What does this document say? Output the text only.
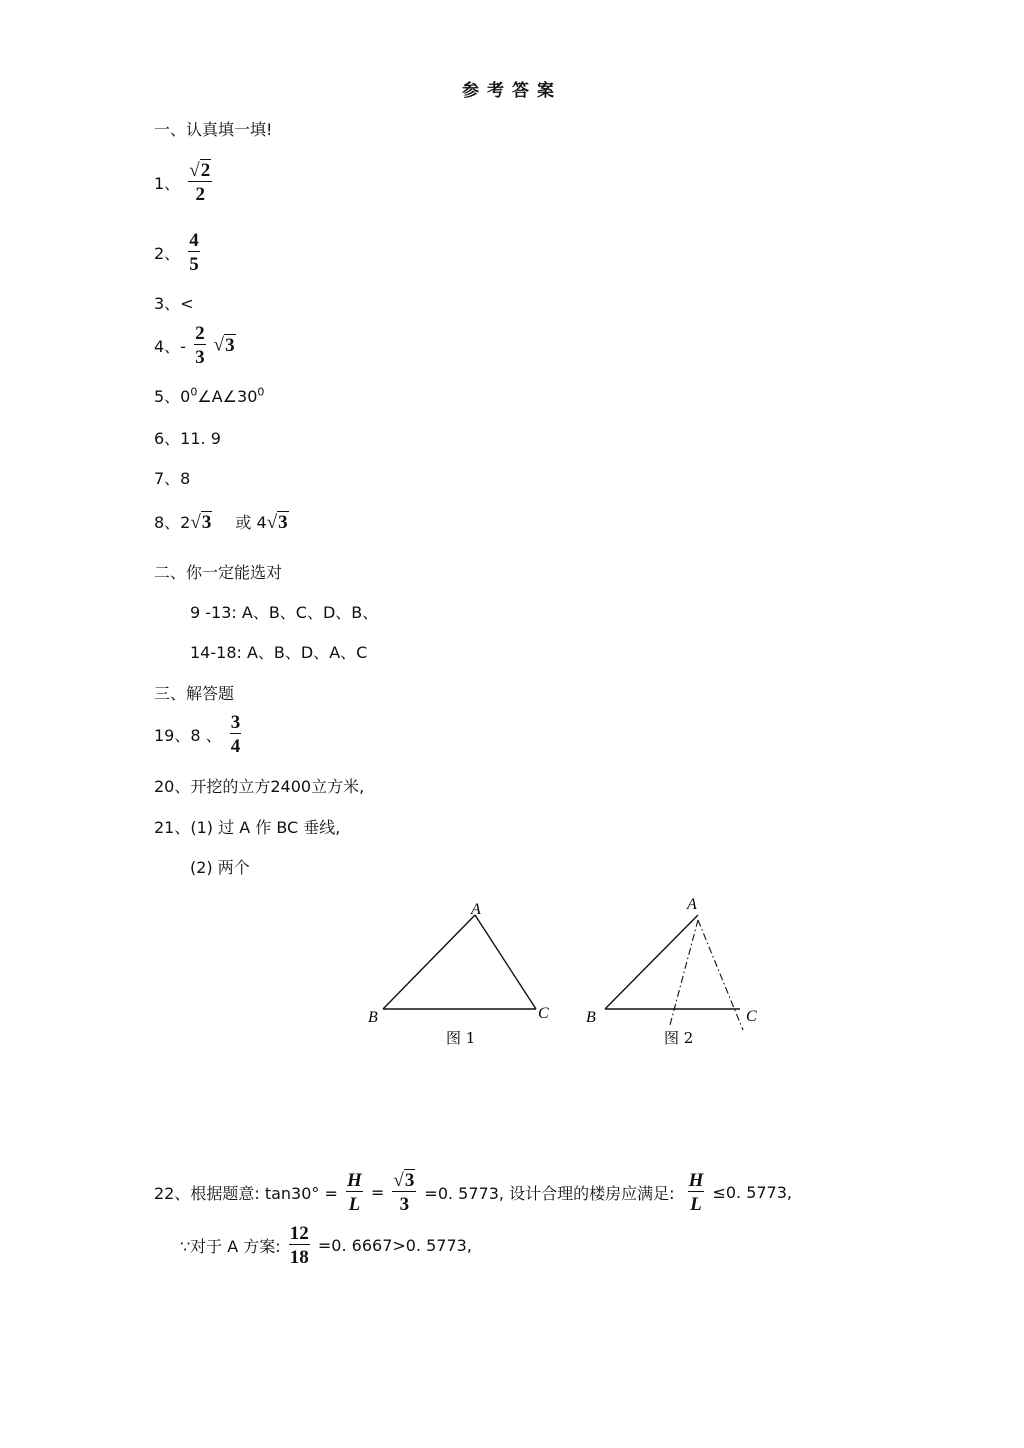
参考答案
一、认真填一填!
1、 $\frac{√2}{2}$
2、 $\frac{4}{5}$
3、<
4、- $\frac{2}{3} √3$
5、$0^0\angle A\angle 30^0$
6、11. 9
7、8
8、2√3 或 4√3
二、你一定能选对
9 -13: A、B、C、D、B、
14-18: A、B、D、A、C
三、解答题
19、8 、 $\frac{3}{4}$
20、开挖的立方2400立方米,
21、(1) 过 A 作 BC 垂线,
(2) 两个
A
B	C
图 1
A
B	C
图 2
22、根据题意: $\tan 30^\circ = \frac{H}{L} = \frac{√3}{3} =0$. 5773, 设计合理的楼房应满足: $\frac{H}{L} \le 0$. 5773,
∵对于 A 方案: $\frac{12}{18} =0$. 6667>0. 5773,
